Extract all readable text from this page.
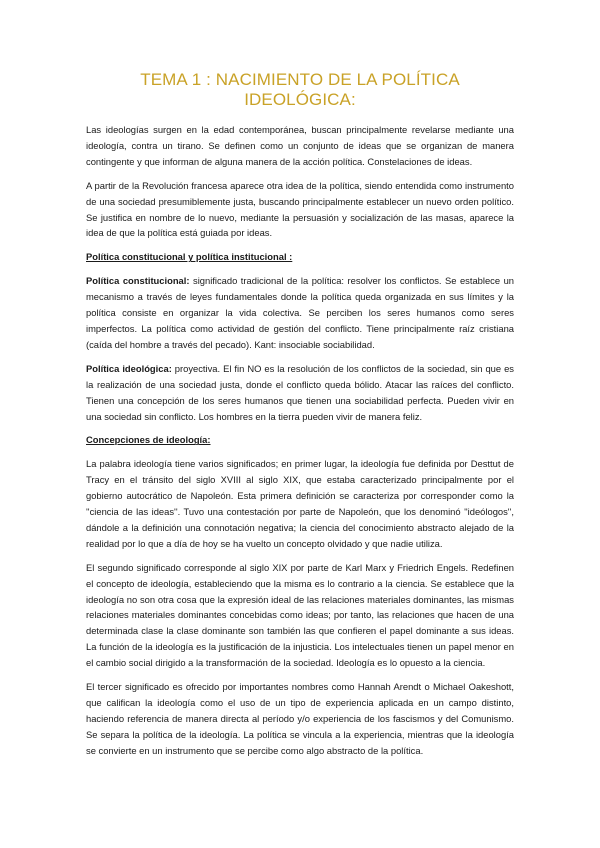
TEMA 1 : NACIMIENTO DE LA POLÍTICA IDEOLÓGICA:

Las ideologías surgen en la edad contemporánea, buscan principalmente revelarse mediante una ideología, contra un tirano. Se definen como un conjunto de ideas que se organizan de manera contingente y que informan de alguna manera de la acción política. Constelaciones de ideas.

A partir de la Revolución francesa aparece otra idea de la política, siendo entendida como instrumento de una sociedad presumiblemente justa, buscando principalmente establecer un nuevo orden político. Se justifica en nombre de lo nuevo, mediante la persuasión y socialización de las masas, aparece la idea de que la política está guiada por ideas.

Política constitucional y política institucional :

Política constitucional: significado tradicional de la política: resolver los conflictos. Se establece un mecanismo a través de leyes fundamentales donde la política queda organizada en sus límites y la política consiste en organizar la vida colectiva. Se perciben los seres humanos como seres imperfectos. La política como actividad de gestión del conflicto. Tiene principalmente raíz cristiana (caída del hombre a través del pecado). Kant: insociable sociabilidad.

Política ideológica: proyectiva. El fin NO es la resolución de los conflictos de la sociedad, sin que es la realización de una sociedad justa, donde el conflicto queda bólido. Atacar las raíces del conflicto. Tienen una concepción de los seres humanos que tienen una sociabilidad perfecta. Pueden vivir en una sociedad sin conflicto. Los hombres en la tierra pueden vivir de manera feliz.

Concepciones de ideología:

La palabra ideología tiene varios significados; en primer lugar, la ideología fue definida por Desttut de Tracy en el tránsito del siglo XVIII al siglo XIX, que estaba caracterizado principalmente por el gobierno autocrático de Napoleón. Esta primera definición se caracteriza por corresponder como la ''ciencia de las ideas''. Tuvo una contestación por parte de Napoleón, que los denominó ''ideólogos'', dándole a la definición una connotación negativa; la ciencia del conocimiento abstracto alejado de la realidad por lo que a día de hoy se ha vuelto un concepto olvidado y que nadie utiliza.

El segundo significado corresponde al siglo XIX por parte de Karl Marx y Friedrich Engels. Redefinen el concepto de ideología, estableciendo que la misma es lo contrario a la ciencia. Se establece que la ideología no son otra cosa que la expresión ideal de las relaciones materiales dominantes, las mismas relaciones materiales dominantes concebidas como ideas; por tanto, las relaciones que hacen de una determinada clase la clase dominante son también las que confieren el papel dominante a sus ideas. La función de la ideología es la justificación de la injusticia. Los intelectuales tienen un papel menor en el cambio social dirigido a la transformación de la sociedad. Ideología es lo opuesto a la ciencia.

El tercer significado es ofrecido por importantes nombres como Hannah Arendt o Michael Oakeshott, que califican la ideología como el uso de un tipo de experiencia aplicada en un campo distinto, haciendo referencia de manera directa al período y/o experiencia de los fascismos y del Comunismo. Se separa la política de la ideología. La política se vincula a la experiencia, mientras que la ideología se convierte en un instrumento que se percibe como algo abstracto de la política.
